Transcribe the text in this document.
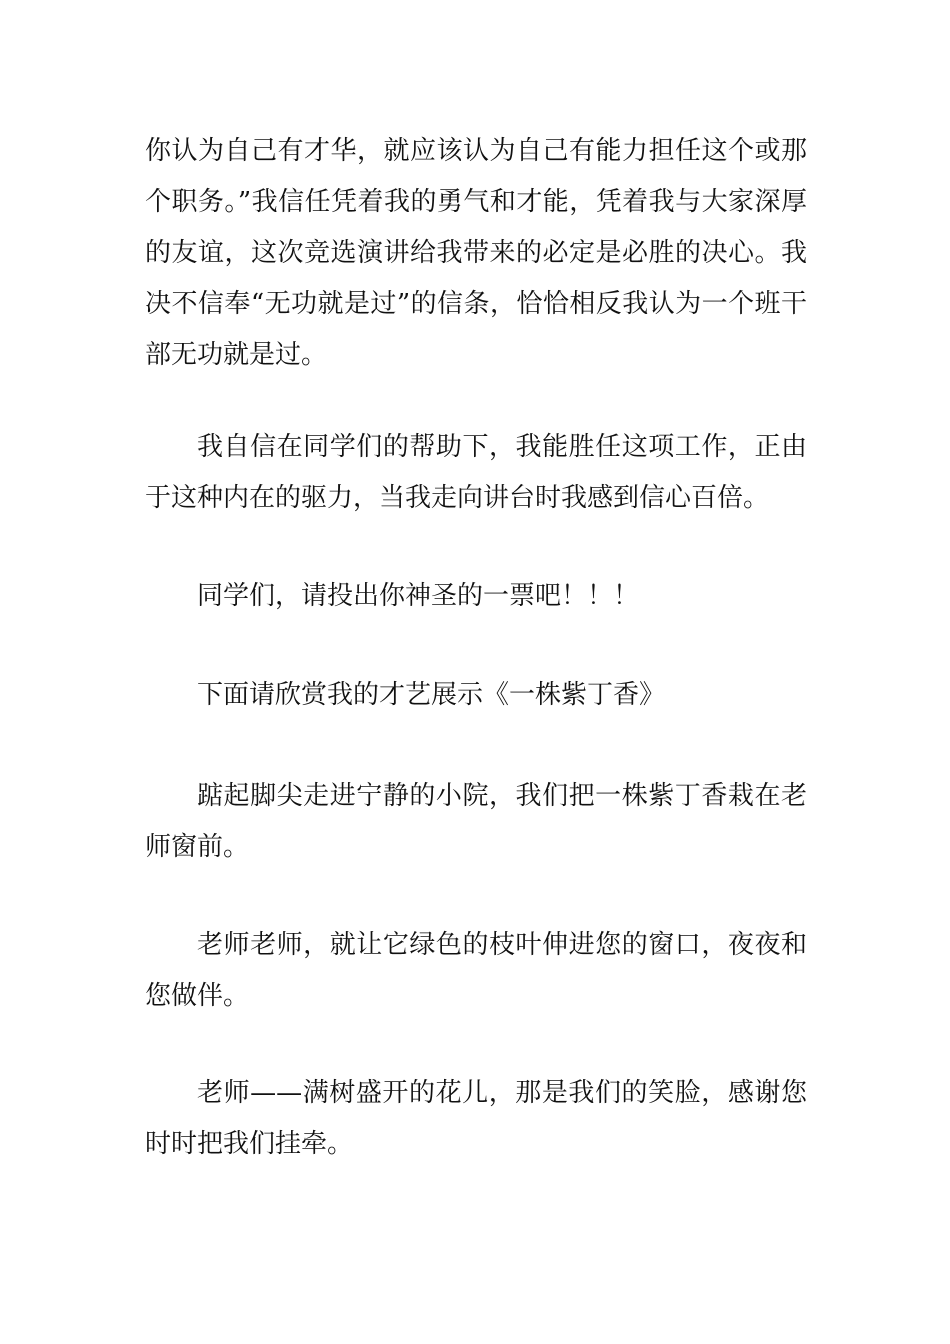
你认为自己有才华，就应该认为自己有能力担任这个或那个职务。”我信任凭着我的勇气和才能，凭着我与大家深厚的友谊，这次竞选演讲给我带来的必定是必胜的决心。我决不信奉“无功就是过”的信条，恰恰相反我认为一个班干部无功就是过。

我自信在同学们的帮助下，我能胜任这项工作，正由于这种内在的驱力，当我走向讲台时我感到信心百倍。

同学们，请投出你神圣的一票吧！！！

下面请欣赏我的才艺展示《一株紫丁香》

踮起脚尖走进宁静的小院，我们把一株紫丁香栽在老师窗前。

老师老师，就让它绿色的枝叶伸进您的窗口，夜夜和您做伴。

老师——满树盛开的花儿，那是我们的笑脸，感谢您时时把我们挂牵。
